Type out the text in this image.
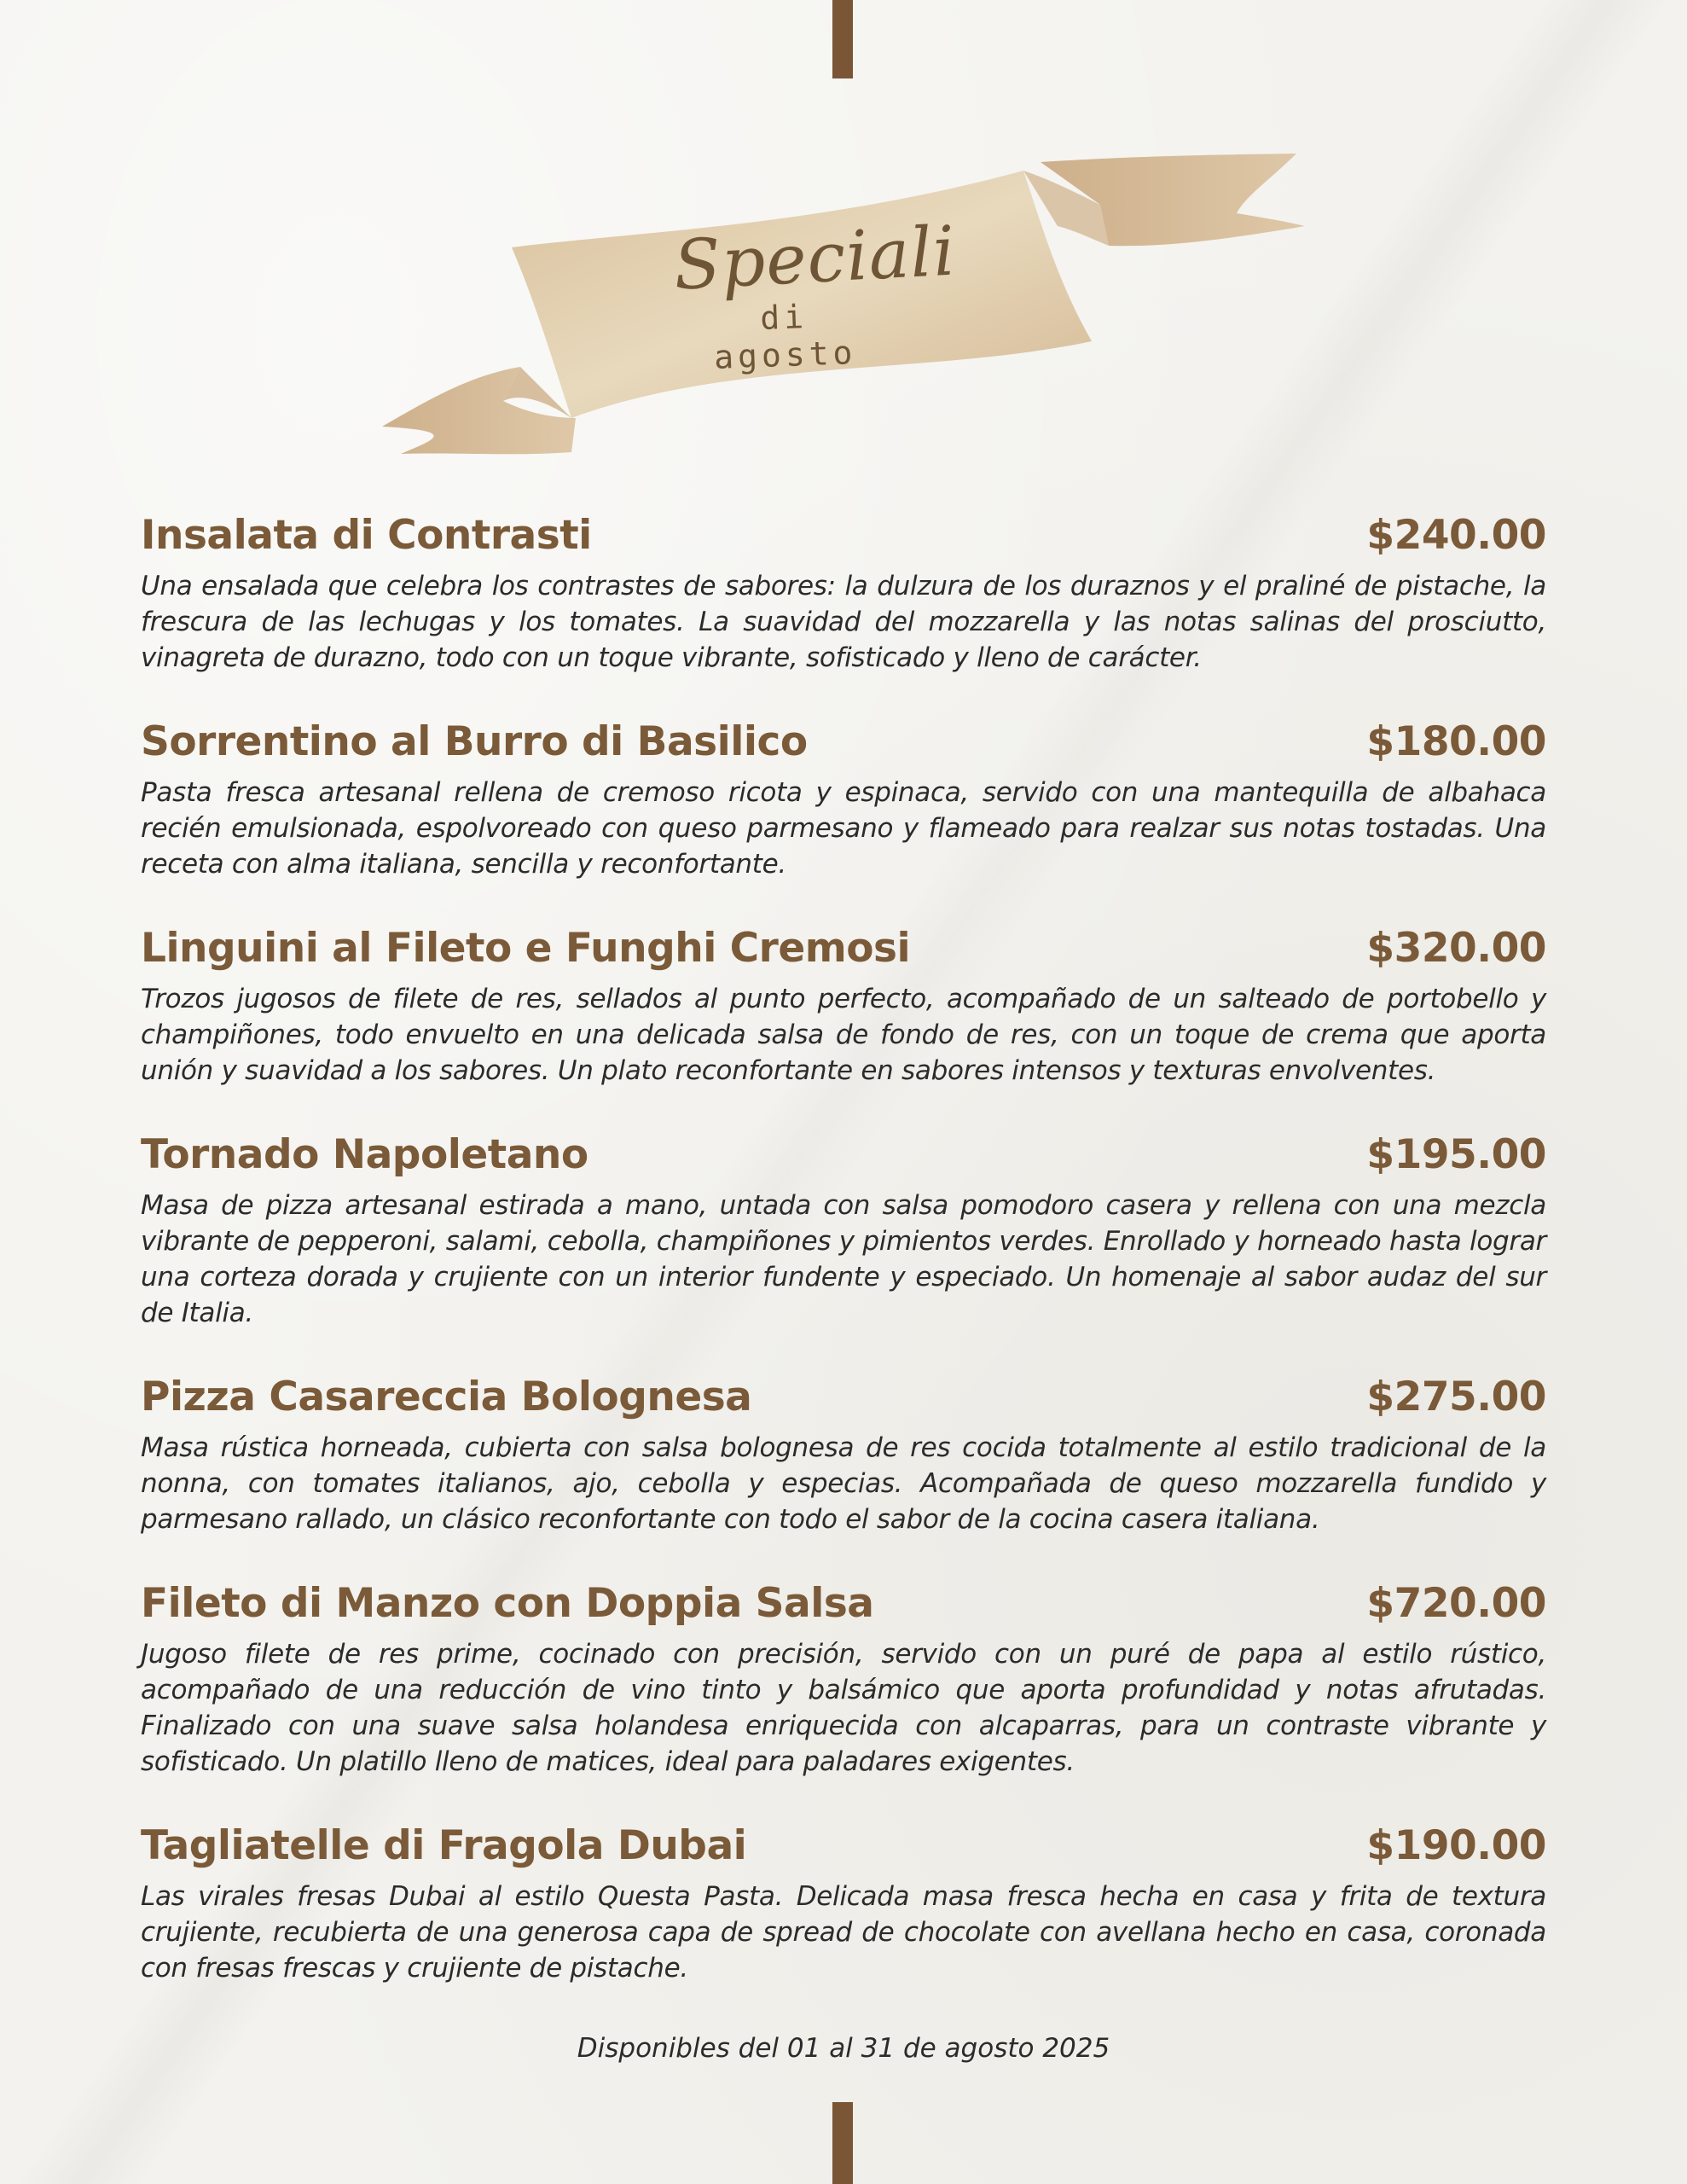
Speciali
di agosto
Insalata di Contrasti	$240.00
Una ensalada que celebra los contrastes de sabores: la dulzura de los duraznos y el praliné de pistache, la frescura de las lechugas y los tomates. La suavidad del mozzarella y las notas salinas del prosciutto, vinagreta de durazno, todo con un toque vibrante, sofisticado y lleno de carácter.
Sorrentino al Burro di Basilico	$180.00
Pasta fresca artesanal rellena de cremoso ricota y espinaca, servido con una mantequilla de albahaca recién emulsionada, espolvoreado con queso parmesano y flameado para realzar sus notas tostadas. Una receta con alma italiana, sencilla y reconfortante.
Linguini al Fileto e Funghi Cremosi	$320.00
Trozos jugosos de filete de res, sellados al punto perfecto, acompañado de un salteado de portobello y champiñones, todo envuelto en una delicada salsa de fondo de res, con un toque de crema que aporta unión y suavidad a los sabores. Un plato reconfortante en sabores intensos y texturas envolventes.
Tornado Napoletano	$195.00
Masa de pizza artesanal estirada a mano, untada con salsa pomodoro casera y rellena con una mezcla vibrante de pepperoni, salami, cebolla, champiñones y pimientos verdes. Enrollado y horneado hasta lograr una corteza dorada y crujiente con un interior fundente y especiado. Un homenaje al sabor audaz del sur de Italia.
Pizza Casareccia Bolognesa	$275.00
Masa rústica horneada, cubierta con salsa bolognesa de res cocida totalmente al estilo tradicional de la nonna, con tomates italianos, ajo, cebolla y especias. Acompañada de queso mozzarella fundido y parmesano rallado, un clásico reconfortante con todo el sabor de la cocina casera italiana.
Fileto di Manzo con Doppia Salsa	$720.00
Jugoso filete de res prime, cocinado con precisión, servido con un puré de papa al estilo rústico, acompañado de una reducción de vino tinto y balsámico que aporta profundidad y notas afrutadas. Finalizado con una suave salsa holandesa enriquecida con alcaparras, para un contraste vibrante y sofisticado. Un platillo lleno de matices, ideal para paladares exigentes.
Tagliatelle di Fragola Dubai	$190.00
Las virales fresas Dubai al estilo Questa Pasta. Delicada masa fresca hecha en casa y frita de textura crujiente, recubierta de una generosa capa de spread de chocolate con avellana hecho en casa, coronada con fresas frescas y crujiente de pistache.
Disponibles del 01 al 31 de agosto 2025
